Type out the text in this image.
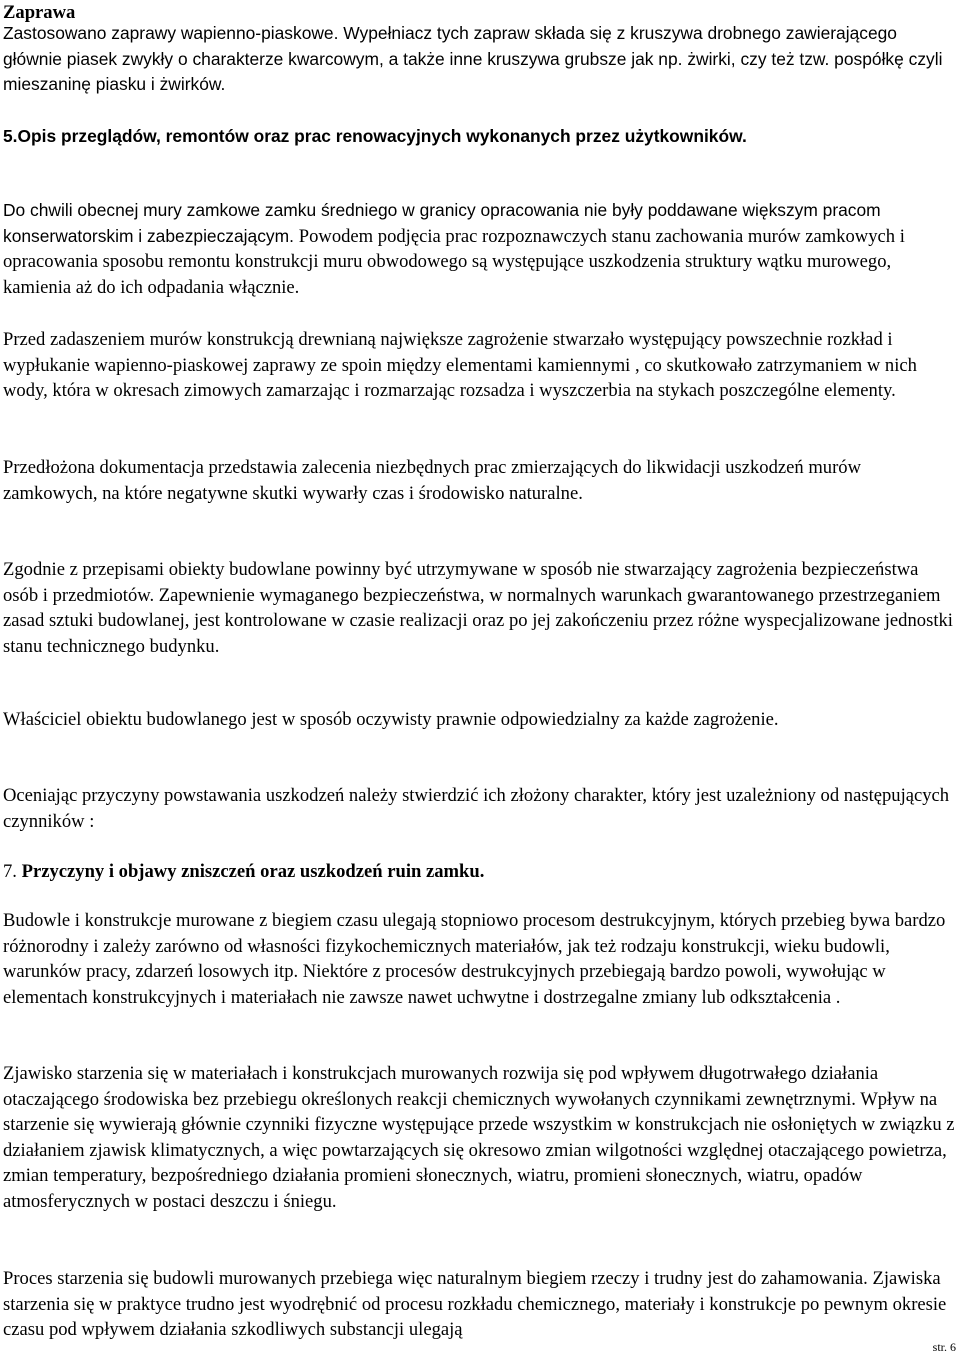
Zaprawa

Zastosowano zaprawy wapienno-piaskowe. Wypełniacz tych zapraw składa się z kruszywa drobnego zawierającego głównie piasek zwykły o charakterze kwarcowym, a także inne kruszywa grubsze jak np. żwirki, czy też tzw. pospółkę czyli mieszaninę piasku i żwirków.

5.Opis przeglądów, remontów oraz prac renowacyjnych wykonanych przez użytkowników.

Do chwili obecnej mury zamkowe zamku średniego w granicy opracowania nie były poddawane większym pracom konserwatorskim i zabezpieczającym. Powodem podjęcia prac rozpoznawczych stanu zachowania murów zamkowych i opracowania sposobu remontu konstrukcji muru obwodowego są występujące uszkodzenia struktury wątku murowego, kamienia aż do ich odpadania włącznie.

Przed zadaszeniem murów konstrukcją drewnianą największe zagrożenie stwarzało występujący powszechnie rozkład i wypłukanie wapienno-piaskowej zaprawy ze spoin między elementami kamiennymi , co skutkowało zatrzymaniem w nich wody, która w okresach zimowych zamarzając i rozmarzając rozsadza i wyszczerbia na stykach poszczególne elementy.

Przedłożona dokumentacja przedstawia zalecenia niezbędnych prac zmierzających do likwidacji uszkodzeń murów zamkowych, na które negatywne skutki wywarły czas i środowisko naturalne.

Zgodnie z przepisami obiekty budowlane powinny być utrzymywane w sposób nie stwarzający zagrożenia bezpieczeństwa osób i przedmiotów. Zapewnienie wymaganego bezpieczeństwa, w normalnych warunkach gwarantowanego przestrzeganiem zasad sztuki budowlanej, jest kontrolowane w czasie realizacji oraz po jej zakończeniu przez różne wyspecjalizowane jednostki stanu technicznego budynku.

Właściciel obiektu budowlanego jest w sposób oczywisty prawnie odpowiedzialny za każde zagrożenie.

Oceniając przyczyny powstawania uszkodzeń należy stwierdzić ich złożony charakter, który jest uzależniony od następujących czynników :

7. Przyczyny i objawy zniszczeń oraz uszkodzeń ruin zamku.

Budowle i konstrukcje murowane z biegiem czasu ulegają stopniowo procesom destrukcyjnym, których przebieg bywa bardzo różnorodny i zależy zarówno od własności fizykochemicznych materiałów, jak też rodzaju konstrukcji, wieku budowli, warunków pracy, zdarzeń losowych itp. Niektóre z procesów destrukcyjnych przebiegają bardzo powoli, wywołując w elementach konstrukcyjnych i materiałach nie zawsze nawet uchwytne i dostrzegalne zmiany lub odkształcenia .

Zjawisko starzenia się w materiałach i konstrukcjach murowanych rozwija się pod wpływem długotrwałego działania otaczającego środowiska bez przebiegu określonych reakcji chemicznych wywołanych czynnikami zewnętrznymi. Wpływ na starzenie się wywierają głównie czynniki fizyczne występujące przede wszystkim w konstrukcjach nie osłoniętych w związku z działaniem zjawisk klimatycznych, a więc powtarzających się okresowo zmian wilgotności względnej otaczającego powietrza, zmian temperatury, bezpośredniego działania promieni słonecznych, wiatru, promieni słonecznych, wiatru, opadów atmosferycznych w postaci deszczu i śniegu.

Proces starzenia się budowli murowanych przebiega więc naturalnym biegiem rzeczy i trudny jest do zahamowania. Zjawiska starzenia się w praktyce trudno jest wyodrębnić od procesu rozkładu chemicznego, materiały i konstrukcje po pewnym okresie czasu pod wpływem działania szkodliwych substancji ulegają

str. 6
